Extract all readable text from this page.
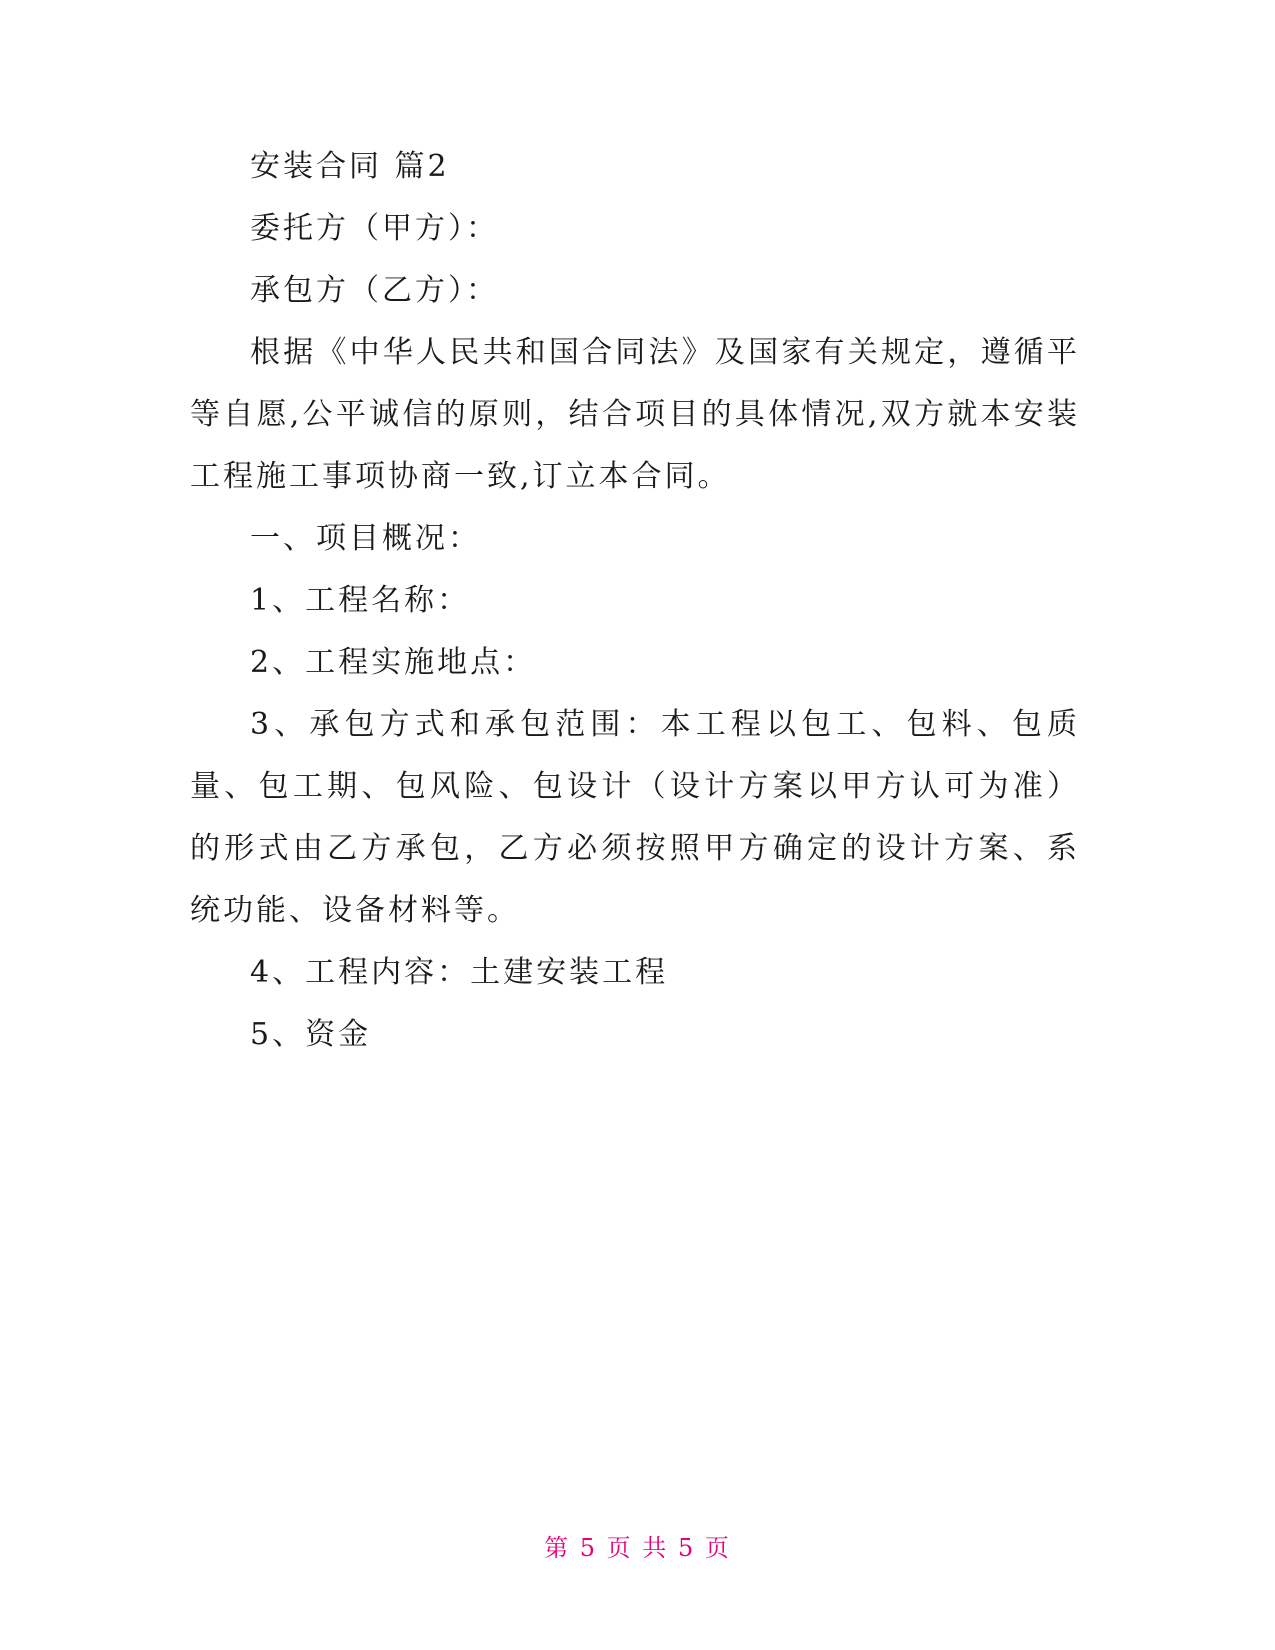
安装合同 篇2

委托方（甲方）：

承包方（乙方）：

根据《中华人民共和国合同法》及国家有关规定，遵循平等自愿,公平诚信的原则，结合项目的具体情况,双方就本安装工程施工事项协商一致,订立本合同。

一、项目概况：

1、工程名称：

2、工程实施地点：

3、承包方式和承包范围：本工程以包工、包料、包质量、包工期、包风险、包设计（设计方案以甲方认可为准）的形式由乙方承包，乙方必须按照甲方确定的设计方案、系统功能、设备材料等。

4、工程内容：土建安装工程

5、资金

第 5 页 共 5 页
